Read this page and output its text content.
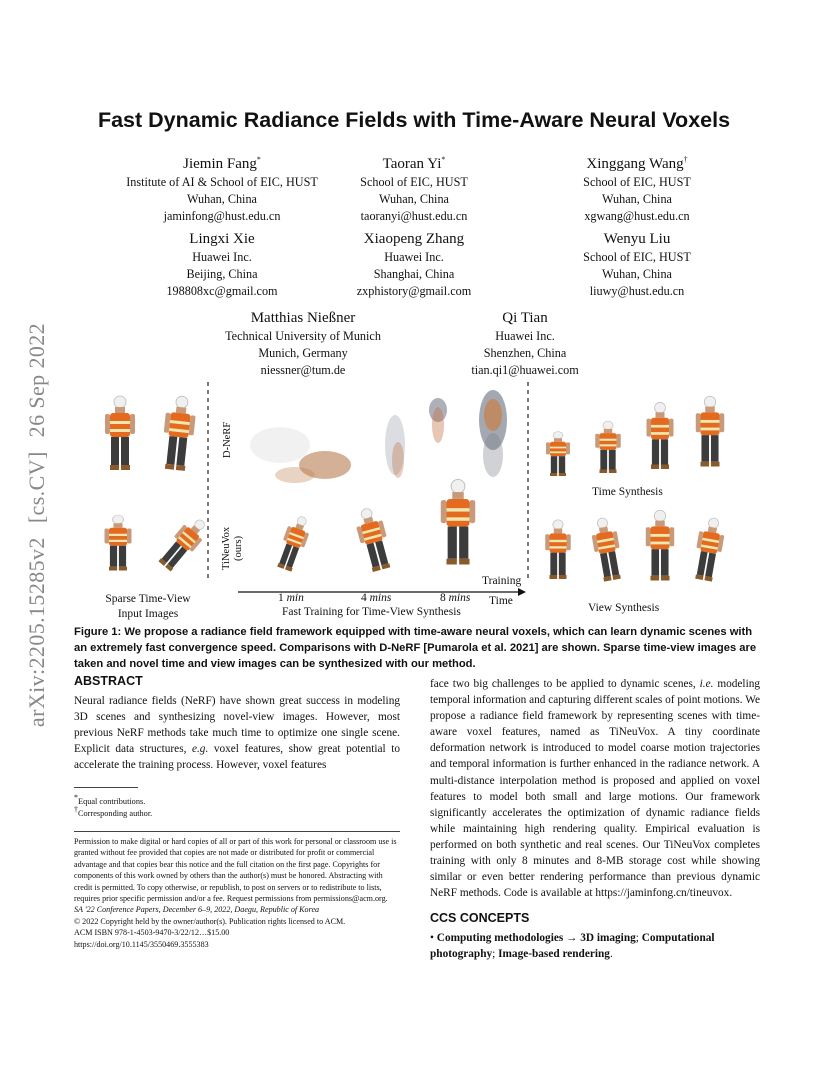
arXiv:2205.15285v2[cs.CV]26 Sep 2022
Fast Dynamic Radiance Fields with Time-Aware Neural Voxels
Jiemin Fang*
Institute of AI & School of EIC, HUST
Wuhan, China
jaminfong@hust.edu.cn
Taoran Yi*
School of EIC, HUST
Wuhan, China
taoranyi@hust.edu.cn
Xinggang Wang†
School of EIC, HUST
Wuhan, China
xgwang@hust.edu.cn
Lingxi Xie
Huawei Inc.
Beijing, China
198808xc@gmail.com
Xiaopeng Zhang
Huawei Inc.
Shanghai, China
zxphistory@gmail.com
Wenyu Liu
School of EIC, HUST
Wuhan, China
liuwy@hust.edu.cn
Matthias Nießner
Technical University of Munich
Munich, Germany
niessner@tum.de
Qi Tian
Huawei Inc.
Shenzhen, China
tian.qi1@huawei.com
D-NeRF
TiNeuVox (ours)
Sparse Time-View
Input Images
Time Synthesis
View Synthesis
1 min	4 mins	8 mins
Training
Time
Fast Training for Time-View Synthesis
Figure 1: We propose a radiance field framework equipped with time-aware neural voxels, which can learn dynamic scenes with an extremely fast convergence speed. Comparisons with D-NeRF [Pumarola et al. 2021] are shown. Sparse time-view images are taken and novel time and view images can be synthesized with our method.
ABSTRACT
Neural radiance fields (NeRF) have shown great success in modeling 3D scenes and synthesizing novel-view images. However, most previous NeRF methods take much time to optimize one single scene. Explicit data structures, e.g. voxel features, show great potential to accelerate the training process. However, voxel features
face two big challenges to be applied to dynamic scenes, i.e. modeling temporal information and capturing different scales of point motions. We propose a radiance field framework by representing scenes with time-aware voxel features, named as TiNeuVox. A tiny coordinate deformation network is introduced to model coarse motion trajectories and temporal information is further enhanced in the radiance network. A multi-distance interpolation method is proposed and applied on voxel features to model both small and large motions. Our framework significantly accelerates the optimization of dynamic radiance fields while maintaining high rendering quality. Empirical evaluation is performed on both synthetic and real scenes. Our TiNeuVox completes training with only 8 minutes and 8-MB storage cost while showing similar or even better rendering performance than previous dynamic NeRF methods. Code is available at https://jaminfong.cn/tineuvox.
*Equal contributions.
†Corresponding author.

Permission to make digital or hard copies of all or part of this work for personal or classroom use is granted without fee provided that copies are not made or distributed for profit or commercial advantage and that copies bear this notice and the full citation on the first page. Copyrights for components of this work owned by others than the author(s) must be honored. Abstracting with credit is permitted. To copy otherwise, or republish, to post on servers or to redistribute to lists, requires prior specific permission and/or a fee. Request permissions from permissions@acm.org.

SA '22 Conference Papers, December 6–9, 2022, Daegu, Republic of Korea

© 2022 Copyright held by the owner/author(s). Publication rights licensed to ACM.

ACM ISBN 978-1-4503-9470-3/22/12…$15.00

https://doi.org/10.1145/3550469.3555383

CCS CONCEPTS
• Computing methodologies → 3D imaging; Computational photography; Image-based rendering.
